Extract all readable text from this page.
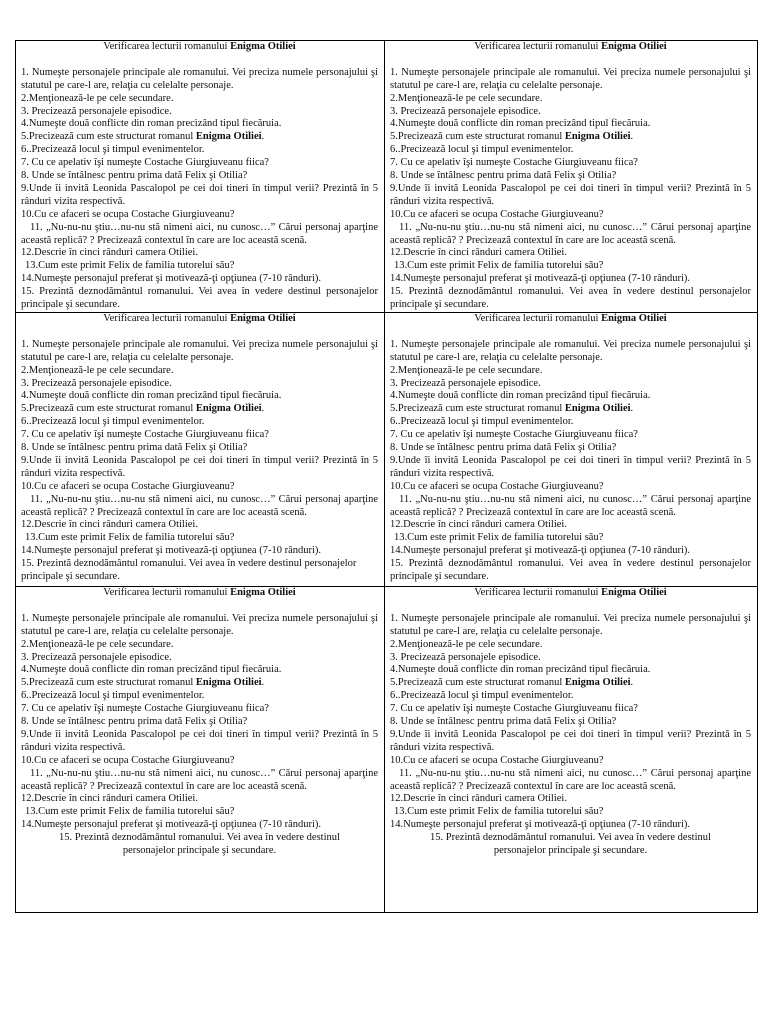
Verificarea lecturii romanului Enigma Otiliei
1. Numeşte personajele principale ale romanului. Vei preciza numele personajului şi statutul pe care-l are, relaţia cu celelalte personaje.
2.Menţionează-le pe cele secundare.
3. Precizează personajele episodice.
4.Numeşte două conflicte din roman precizând tipul fiecăruia.
5.Precizează cum este structurat romanul Enigma Otiliei.
6..Precizează locul şi timpul evenimentelor.
7. Cu ce apelativ îşi numeşte Costache Giurgiuveanu fiica?
8. Unde se întâlnesc pentru prima dată Felix şi Otilia?
9.Unde îi invită Leonida Pascalopol pe cei doi tineri în timpul verii? Prezintă în 5 rânduri vizita respectivă.
10.Cu ce afaceri se ocupa Costache Giurgiuveanu?
11. „Nu-nu-nu ştiu…nu-nu stă nimeni aici, nu cunosc…” Cărui personaj aparţine această replică? ? Precizează contextul în care are loc această scenă.
12.Descrie în cinci rânduri camera Otiliei.
13.Cum este primit Felix de familia tutorelui său?
14.Numeşte personajul preferat şi motivează-ţi opţiunea (7-10 rânduri).
15. Prezintă deznodământul romanului. Vei avea în vedere destinul personajelor principale şi secundare.
Verificarea lecturii romanului Enigma Otiliei
1. Numeşte personajele principale ale romanului. Vei preciza numele personajului şi statutul pe care-l are, relaţia cu celelalte personaje.
2.Menţionează-le pe cele secundare.
3. Precizează personajele episodice.
4.Numeşte două conflicte din roman precizând tipul fiecăruia.
5.Precizează cum este structurat romanul Enigma Otiliei.
6..Precizează locul şi timpul evenimentelor.
7. Cu ce apelativ îşi numeşte Costache Giurgiuveanu fiica?
8. Unde se întâlnesc pentru prima dată Felix şi Otilia?
9.Unde îi invită Leonida Pascalopol pe cei doi tineri în timpul verii? Prezintă în 5 rânduri vizita respectivă.
10.Cu ce afaceri se ocupa Costache Giurgiuveanu?
11. „Nu-nu-nu ştiu…nu-nu stă nimeni aici, nu cunosc…” Cărui personaj aparţine această replică? ? Precizează contextul în care are loc această scenă.
12.Descrie în cinci rânduri camera Otiliei.
13.Cum este primit Felix de familia tutorelui său?
14.Numeşte personajul preferat şi motivează-ţi opţiunea (7-10 rânduri).
15. Prezintă deznodământul romanului. Vei avea în vedere destinul personajelor principale şi secundare.
Verificarea lecturii romanului Enigma Otiliei
1. Numeşte personajele principale ale romanului. Vei preciza numele personajului şi statutul pe care-l are, relaţia cu celelalte personaje.
2.Menţionează-le pe cele secundare.
3. Precizează personajele episodice.
4.Numeşte două conflicte din roman precizând tipul fiecăruia.
5.Precizează cum este structurat romanul Enigma Otiliei.
6..Precizează locul şi timpul evenimentelor.
7. Cu ce apelativ îşi numeşte Costache Giurgiuveanu fiica?
8. Unde se întâlnesc pentru prima dată Felix şi Otilia?
9.Unde îi invită Leonida Pascalopol pe cei doi tineri în timpul verii? Prezintă în 5 rânduri vizita respectivă.
10.Cu ce afaceri se ocupa Costache Giurgiuveanu?
11. „Nu-nu-nu ştiu…nu-nu stă nimeni aici, nu cunosc…” Cărui personaj aparţine această replică? ? Precizează contextul în care are loc această scenă.
12.Descrie în cinci rânduri camera Otiliei.
13.Cum este primit Felix de familia tutorelui său?
14.Numeşte personajul preferat şi motivează-ţi opţiunea (7-10 rânduri).
15. Prezintă deznodământul romanului. Vei avea în vedere destinul personajelor principale şi secundare.
Verificarea lecturii romanului Enigma Otiliei
1. Numeşte personajele principale ale romanului. Vei preciza numele personajului şi statutul pe care-l are, relaţia cu celelalte personaje.
2.Menţionează-le pe cele secundare.
3. Precizează personajele episodice.
4.Numeşte două conflicte din roman precizând tipul fiecăruia.
5.Precizează cum este structurat romanul Enigma Otiliei.
6..Precizează locul şi timpul evenimentelor.
7. Cu ce apelativ îşi numeşte Costache Giurgiuveanu fiica?
8. Unde se întâlnesc pentru prima dată Felix şi Otilia?
9.Unde îi invită Leonida Pascalopol pe cei doi tineri în timpul verii? Prezintă în 5 rânduri vizita respectivă.
10.Cu ce afaceri se ocupa Costache Giurgiuveanu?
11. „Nu-nu-nu ştiu…nu-nu stă nimeni aici, nu cunosc…” Cărui personaj aparţine această replică? ? Precizează contextul în care are loc această scenă.
12.Descrie în cinci rânduri camera Otiliei.
13.Cum este primit Felix de familia tutorelui său?
14.Numeşte personajul preferat şi motivează-ţi opţiunea (7-10 rânduri).
15. Prezintă deznodământul romanului. Vei avea în vedere destinul personajelor principale şi secundare.
Verificarea lecturii romanului Enigma Otiliei
1. Numeşte personajele principale ale romanului. Vei preciza numele personajului şi statutul pe care-l are, relaţia cu celelalte personaje.
2.Menţionează-le pe cele secundare.
3. Precizează personajele episodice.
4.Numeşte două conflicte din roman precizând tipul fiecăruia.
5.Precizează cum este structurat romanul Enigma Otiliei.
6..Precizează locul şi timpul evenimentelor.
7. Cu ce apelativ îşi numeşte Costache Giurgiuveanu fiica?
8. Unde se întâlnesc pentru prima dată Felix şi Otilia?
9.Unde îi invită Leonida Pascalopol pe cei doi tineri în timpul verii? Prezintă în 5 rânduri vizita respectivă.
10.Cu ce afaceri se ocupa Costache Giurgiuveanu?
11. „Nu-nu-nu ştiu…nu-nu stă nimeni aici, nu cunosc…” Cărui personaj aparţine această replică? ? Precizează contextul în care are loc această scenă.
12.Descrie în cinci rânduri camera Otiliei.
13.Cum este primit Felix de familia tutorelui său?
14.Numeşte personajul preferat şi motivează-ţi opţiunea (7-10 rânduri).
15. Prezintă deznodământul romanului. Vei avea în vedere destinul personajelor principale şi secundare.
Verificarea lecturii romanului Enigma Otiliei
1. Numeşte personajele principale ale romanului. Vei preciza numele personajului şi statutul pe care-l are, relaţia cu celelalte personaje.
2.Menţionează-le pe cele secundare.
3. Precizează personajele episodice.
4.Numeşte două conflicte din roman precizând tipul fiecăruia.
5.Precizează cum este structurat romanul Enigma Otiliei.
6..Precizează locul şi timpul evenimentelor.
7. Cu ce apelativ îşi numeşte Costache Giurgiuveanu fiica?
8. Unde se întâlnesc pentru prima dată Felix şi Otilia?
9.Unde îi invită Leonida Pascalopol pe cei doi tineri în timpul verii? Prezintă în 5 rânduri vizita respectivă.
10.Cu ce afaceri se ocupa Costache Giurgiuveanu?
11. „Nu-nu-nu ştiu…nu-nu stă nimeni aici, nu cunosc…” Cărui personaj aparţine această replică? ? Precizează contextul în care are loc această scenă.
12.Descrie în cinci rânduri camera Otiliei.
13.Cum este primit Felix de familia tutorelui său?
14.Numeşte personajul preferat şi motivează-ţi opţiunea (7-10 rânduri).
15. Prezintă deznodământul romanului. Vei avea în vedere destinul personajelor principale şi secundare.
